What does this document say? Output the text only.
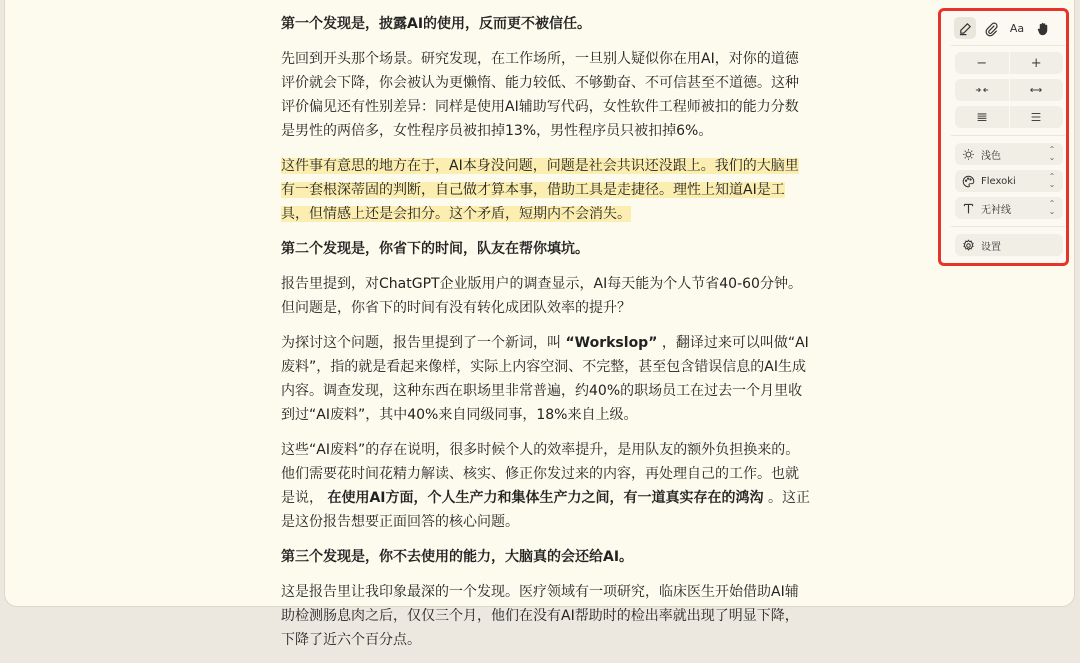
第一个发现是，披露AI的使用，反而更不被信任。

先回到开头那个场景。研究发现，在工作场所，一旦别人疑似你在用AI，对你的道德评价就会下降，你会被认为更懒惰、能力较低、不够勤奋、不可信甚至不道德。这种评价偏见还有性别差异：同样是使用AI辅助写代码，女性软件工程师被扣的能力分数是男性的两倍多，女性程序员被扣掉13%，男性程序员只被扣掉6%。

这件事有意思的地方在于，AI本身没问题，问题是社会共识还没跟上。我们的大脑里有一套根深蒂固的判断，自己做才算本事，借助工具是走捷径。理性上知道AI是工具，但情感上还是会扣分。这个矛盾，短期内不会消失。

第二个发现是，你省下的时间，队友在帮你填坑。

报告里提到，对ChatGPT企业版用户的调查显示，AI每天能为个人节省40-60分钟。但问题是，你省下的时间有没有转化成团队效率的提升？

为探讨这个问题，报告里提到了一个新词，叫 “Workslop” ，翻译过来可以叫做“AI废料”，指的就是看起来像样，实际上内容空洞、不完整，甚至包含错误信息的AI生成内容。调查发现，这种东西在职场里非常普遍，约40%的职场员工在过去一个月里收到过“AI废料”，其中40%来自同级同事，18%来自上级。

这些“AI废料”的存在说明，很多时候个人的效率提升，是用队友的额外负担换来的。他们需要花时间花精力解读、核实、修正你发过来的内容，再处理自己的工作。也就是说， 在使用AI方面，个人生产力和集体生产力之间，有一道真实存在的鸿沟 。这正是这份报告想要正面回答的核心问题。

第三个发现是，你不去使用的能力，大脑真的会还给AI。

这是报告里让我印象最深的一个发现。医疗领域有一项研究，临床医生开始借助AI辅助检测肠息肉之后，仅仅三个月，他们在没有AI帮助时的检出率就出现了明显下降，下降了近六个百分点。

Aa
−	+
浅色
⌃
⌄
Flexoki	⌃
⌄
无衬线
⌃
⌄
设置
